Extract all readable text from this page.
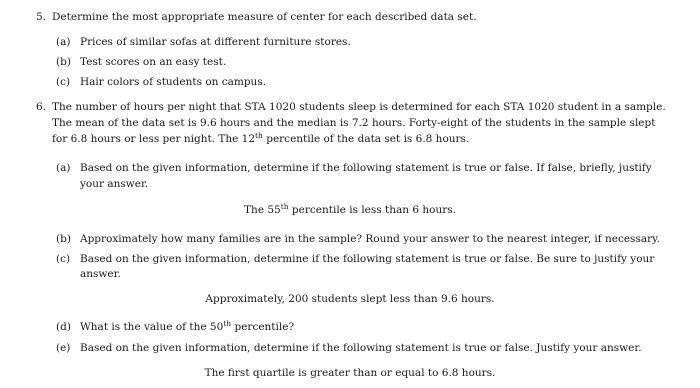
5. Determine the most appropriate measure of center for each described data set.
(a) Prices of similar sofas at different furniture stores.
(b) Test scores on an easy test.
(c) Hair colors of students on campus.
6. The number of hours per night that STA 1020 students sleep is determined for each STA 1020 student in a sample.
The mean of the data set is 9.6 hours and the median is 7.2 hours. Forty-eight of the students in the sample slept
for 6.8 hours or less per night. The 12th percentile of the data set is 6.8 hours.
(a) Based on the given information, determine if the following statement is true or false. If false, briefly, justify
your answer.
The 55th percentile is less than 6 hours.
(b) Approximately how many families are in the sample? Round your answer to the nearest integer, if necessary.
(c) Based on the given information, determine if the following statement is true or false. Be sure to justify your
answer.
Approximately, 200 students slept less than 9.6 hours.
(d) What is the value of the 50th percentile?
(e) Based on the given information, determine if the following statement is true or false. Justify your answer.
The first quartile is greater than or equal to 6.8 hours.
